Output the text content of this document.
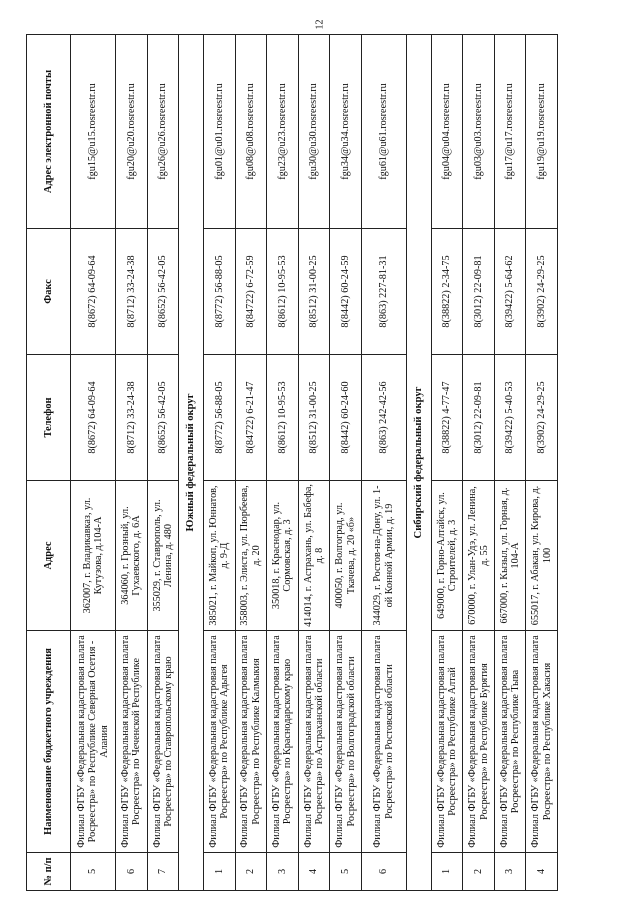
12
№ п/п	Наименование бюджетного учреждения	Адрес	Телефон	Факс	Адрес электронной почты
5	Филиал ФГБУ «Федеральная кадастровая палата Росреестра» по Республике Северная Осетия - Алания	362007, г. Владикавказ, ул. Кутузова, д.104-А	8(8672) 64-09-64	8(8672) 64-09-64	fgu15@u15.rosreestr.ru
6	Филиал ФГБУ «Федеральная кадастровая палата Росреестра» по Чеченской Республике	364060, г. Грозный, ул. Гухаевского, д. 6А	8(8712) 33-24-38	8(8712) 33-24-38	fgu20@u20.rosreestr.ru
7	Филиал ФГБУ «Федеральная кадастровая палата Росреестра» по Ставропольскому краю	355029, г. Ставрополь, ул. Ленина, д. 480	8(8652) 56-42-05	8(8652) 56-42-05	fgu26@u26.rosreestr.ru
Южный федеральный округ					
1	Филиал ФГБУ «Федеральная кадастровая палата Росреестра» по Республике Адыгея	385021, г. Майкоп, ул. Юннатов, д. 9-Д	8(8772) 56-88-05	8(8772) 56-88-05	fgu01@u01.rosreestr.ru
2	Филиал ФГБУ «Федеральная кадастровая палата Росреестра» по Республике Калмыкия	358003, г. Элиста, ул. Пюрбеева, д. 20	8(84722) 6-21-47	8(84722) 6-72-59	fgu08@u08.rosreestr.ru
3	Филиал ФГБУ «Федеральная кадастровая палата Росреестра» по Краснодарскому краю	350018, г. Краснодар, ул. Сормовская, д. 3	8(8612) 10-95-53	8(8612) 10-95-53	fgu23@u23.rosreestr.ru
4	Филиал ФГБУ «Федеральная кадастровая палата Росреестра» по Астраханской области	414014, г. Астрахань, ул. Бабефа, д. 8	8(8512) 31-00-25	8(8512) 31-00-25	fgu30@u30.rosreestr.ru
5	Филиал ФГБУ «Федеральная кадастровая палата Росреестра» по Волгоградской области	400050, г. Волгоград, ул. Ткачева, д. 20 «б»	8(8442) 60-24-60	8(8442) 60-24-59	fgu34@u34.rosreestr.ru
6	Филиал ФГБУ «Федеральная кадастровая палата Росреестра» по Ростовской области	344029, г. Ростов-на-Дону, ул. 1-ой Конной Армии, д. 19	8(863) 242-42-56	8(863) 227-81-31	fgu61@u61.rosreestr.ru
Сибирский федеральный округ					
1	Филиал ФГБУ «Федеральная кадастровая палата Росреестра» по Республике Алтай	649000, г. Горно-Алтайск, ул. Строителей, д. 3	8(38822) 4-77-47	8(38822) 2-34-75	fgu04@u04.rosreestr.ru
2	Филиал ФГБУ «Федеральная кадастровая палата Росреестра» по Республике Бурятия	670000, г. Улан-Удэ, ул. Ленина, д. 55	8(3012) 22-09-81	8(3012) 22-09-81	fgu03@u03.rosreestr.ru
3	Филиал ФГБУ «Федеральная кадастровая палата Росреестра» по Республике Тыва	667000, г. Кызыл, ул. Горная, д. 104-А	8(39422) 5-40-53	8(39422) 5-64-62	fgu17@u17.rosreestr.ru
4	Филиал ФГБУ «Федеральная кадастровая палата Росреестра» по Республике Хакасия	655017, г. Абакан, ул. Кирова, д. 100	8(3902) 24-29-25	8(3902) 24-29-25	fgu19@u19.rosreestr.ru
